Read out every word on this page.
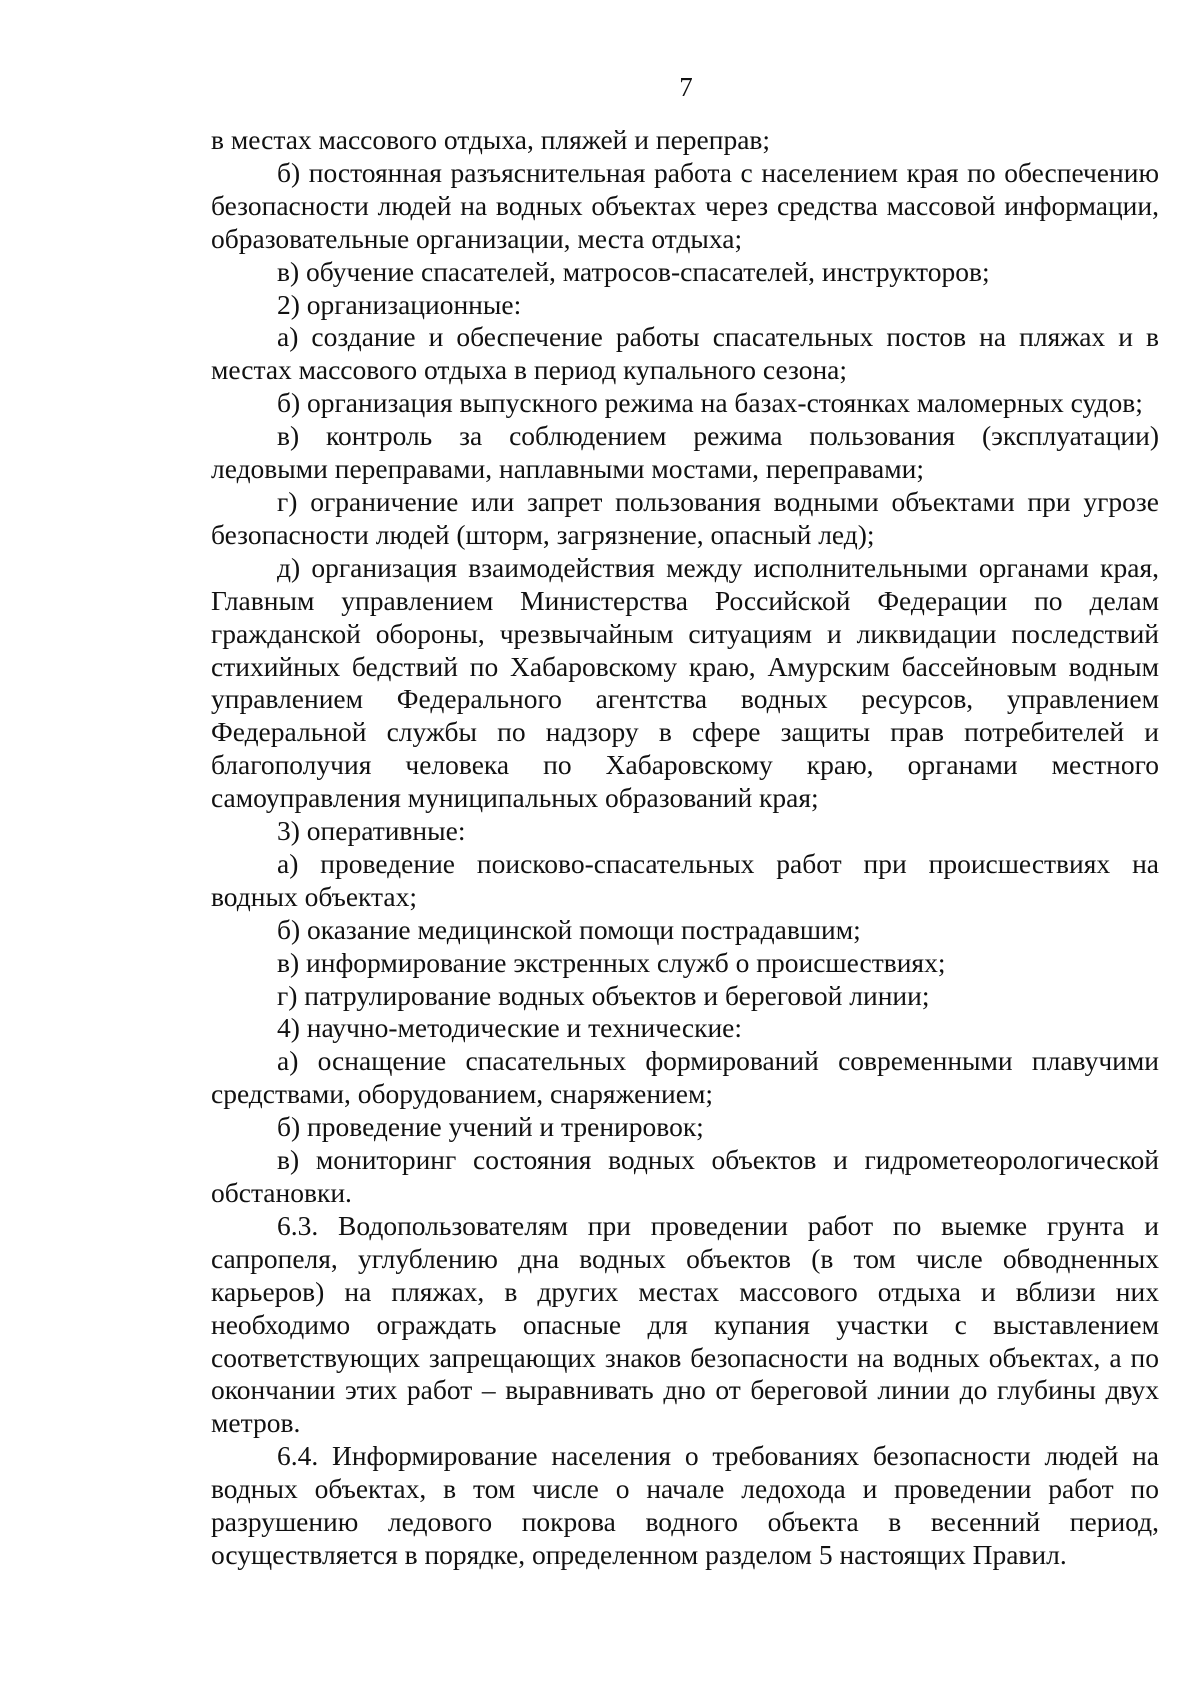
7

в местах массового отдыха, пляжей и переправ;

б) постоянная разъяснительная работа с населением края по обеспечению безопасности людей на водных объектах через средства массовой информации, образовательные организации, места отдыха;

в) обучение спасателей, матросов-спасателей, инструкторов;

2) организационные:

а) создание и обеспечение работы спасательных постов на пляжах и в местах массового отдыха в период купального сезона;

б) организация выпускного режима на базах-стоянках маломерных судов;

в) контроль за соблюдением режима пользования (эксплуатации) ледовыми переправами, наплавными мостами, переправами;

г) ограничение или запрет пользования водными объектами при угрозе безопасности людей (шторм, загрязнение, опасный лед);

д) организация взаимодействия между исполнительными органами края, Главным управлением Министерства Российской Федерации по делам гражданской обороны, чрезвычайным ситуациям и ликвидации последствий стихийных бедствий по Хабаровскому краю, Амурским бассейновым водным управлением Федерального агентства водных ресурсов, управлением Федеральной службы по надзору в сфере защиты прав потребителей и благополучия человека по Хабаровскому краю, органами местного самоуправления муниципальных образований края;

3) оперативные:

а) проведение поисково-спасательных работ при происшествиях на водных объектах;

б) оказание медицинской помощи пострадавшим;

в) информирование экстренных служб о происшествиях;

г) патрулирование водных объектов и береговой линии;

4) научно-методические и технические:

а) оснащение спасательных формирований современными плавучими средствами, оборудованием, снаряжением;

б) проведение учений и тренировок;

в) мониторинг состояния водных объектов и гидрометеорологической обстановки.

6.3. Водопользователям при проведении работ по выемке грунта и сапропеля, углублению дна водных объектов (в том числе обводненных карьеров) на пляжах, в других местах массового отдыха и вблизи них необходимо ограждать опасные для купания участки с выставлением соответствующих запрещающих знаков безопасности на водных объектах, а по окончании этих работ – выравнивать дно от береговой линии до глубины двух метров.

6.4. Информирование населения о требованиях безопасности людей на водных объектах, в том числе о начале ледохода и проведении работ по разрушению ледового покрова водного объекта в весенний период, осуществляется в порядке, определенном разделом 5 настоящих Правил.
